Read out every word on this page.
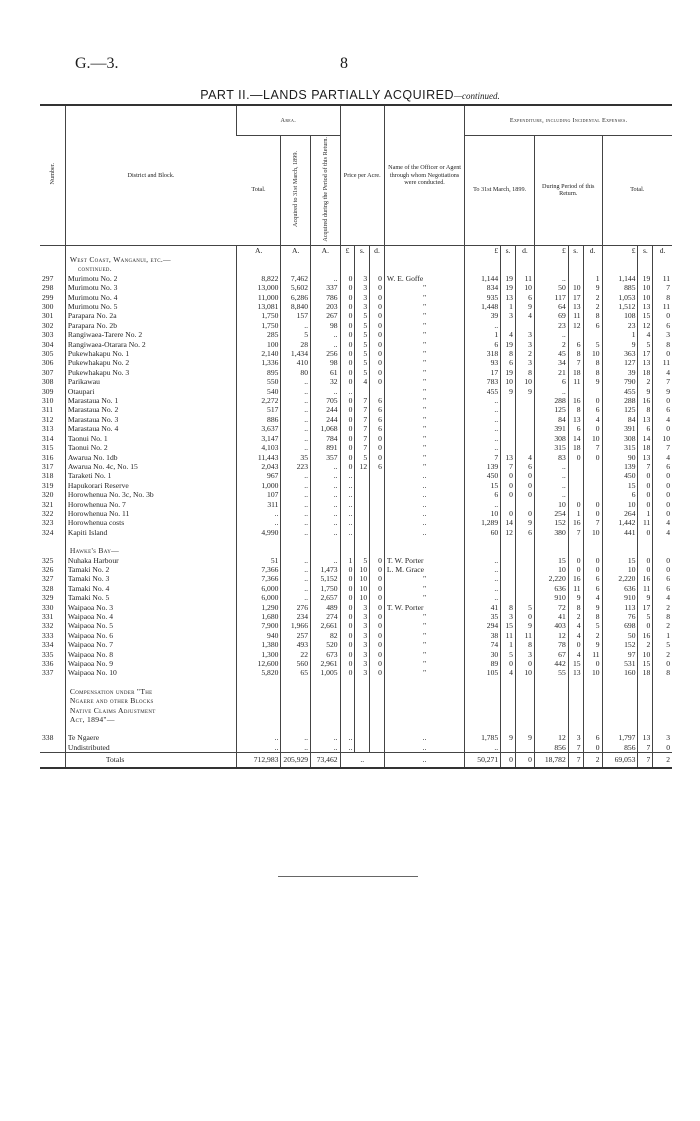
G.—3.	8
PART II.—LANDS PARTIALLY ACQUIRED—continued.
Number.	District and Block.	Area.			Price per Acre.			Name of the Officer or Agent through whom Negotiations were conducted.	Expenditure, including Incidental Expenses.								
		Total.	Acquired to 31st March, 1899.	Acquired during the Period of this Return.					To 31st March, 1899.			During Period of this Return.			Total.		
		A.	A.	A.	£	s.	d.		£	s.	d.	£	s.	d.	£	s.	d.
	West Coast, Wanganui, etc.—																
	continued.																
297	Murimotu No. 2	8,822	7,462	..	0	3	0	W. E. Goffe	1,144	19	11	..		1	1,144	19	11
298	Murimotu No. 3	13,000	5,602	337	0	3	0	"	834	19	10	50	10	9	885	10	7
299	Murimotu No. 4	11,000	6,286	786	0	3	0	"	935	13	6	117	17	2	1,053	10	8
300	Murimotu No. 5	13,081	8,840	203	0	3	0	"	1,448	1	9	64	13	2	1,512	13	11
301	Parapara No. 2a	1,750	157	267	0	5	0	"	39	3	4	69	11	8	108	15	0
302	Parapara No. 2b	1,750	..	98	0	5	0	"	..			23	12	6	23	12	6
303	Rangiwaea-Tarere No. 2	285	5	..	0	5	0	"	1	4	3	..			1	4	3
304	Rangiwaea-Otarara No. 2	100	28	..	0	5	0	"	6	19	3	2	6	5	9	5	8
305	Pukewhakapu No. 1	2,140	1,434	256	0	5	0	"	318	8	2	45	8	10	363	17	0
306	Pukewhakapu No. 2	1,336	410	98	0	5	0	"	93	6	3	34	7	8	127	13	11
307	Pukewhakapu No. 3	895	80	61	0	5	0	"	17	19	8	21	18	8	39	18	4
308	Parikawau	550	..	32	0	4	0	"	783	10	10	6	11	9	790	2	7
309	Otaupari	540	..	..	..			"	455	9	9	..			455	9	9
310	Marastaua No. 1	2,272	..	705	0	7	6	"	..			288	16	0	288	16	0
311	Marastaua No. 2	517	..	244	0	7	6	"	..			125	8	6	125	8	6
312	Marastaua No. 3	886	..	244	0	7	6	"	..			84	13	4	84	13	4
313	Marastaua No. 4	3,637	..	1,068	0	7	6	"	..			391	6	0	391	6	0
314	Taonui No. 1	3,147	..	784	0	7	0	"	..			308	14	10	308	14	10
315	Taonui No. 2	4,103	..	891	0	7	0	"	..			315	18	7	315	18	7
316	Awarua No. 1db	11,443	35	357	0	5	0	"	7	13	4	83	0	0	90	13	4
317	Awarua No. 4c, No. 15	2,043	223	..	0	12	6	"	139	7	6	..			139	7	6
318	Taraketi No. 1	967	..	..	..			..	450	0	0	..			450	0	0
319	Hapukorari Reserve	1,000	..	..	..			..	15	0	0	..			15	0	0
320	Horowhenua No. 3c, No. 3b	107	..	..	..			..	6	0	0	..			6	0	0
321	Horowhenua No. 7	311	..	..	..			..	..			10	0	0	10	0	0
322	Horowhenua No. 11	..	..	..	..			..	10	0	0	254	1	0	264	1	0
323	Horowhenua costs	..	..	..	..			..	1,289	14	9	152	16	7	1,442	11	4
324	Kapiti Island	4,990	..	..	..			..	60	12	6	380	7	10	441	0	4

	Hawke's Bay—																
325	Nuhaka Harbour	51	..	..	1	5	0	T. W. Porter	..			15	0	0	15	0	0
326	Tamaki No. 2	7,366	..	1,473	0	10	0	L. M. Grace	..			10	0	0	10	0	0
327	Tamaki No. 3	7,366	..	5,152	0	10	0	"	..			2,220	16	6	2,220	16	6
328	Tamaki No. 4	6,000	..	1,750	0	10	0	"	..			636	11	6	636	11	6
329	Tamaki No. 5	6,000	..	2,657	0	10	0	"	..			910	9	4	910	9	4
330	Waipaoa No. 3	1,290	276	489	0	3	0	T. W. Porter	41	8	5	72	8	9	113	17	2
331	Waipaoa No. 4	1,680	234	274	0	3	0	"	35	3	0	41	2	8	76	5	8
332	Waipaoa No. 5	7,900	1,966	2,661	0	3	0	"	294	15	9	403	4	5	698	0	2
333	Waipaoa No. 6	940	257	82	0	3	0	"	38	11	11	12	4	2	50	16	1
334	Waipaoa No. 7	1,380	493	520	0	3	0	"	74	1	8	78	0	9	152	2	5
335	Waipaoa No. 8	1,300	22	673	0	3	0	"	30	5	3	67	4	11	97	10	2
336	Waipaoa No. 9	12,600	560	2,961	0	3	0	"	89	0	0	442	15	0	531	15	0
337	Waipaoa No. 10	5,820	65	1,005	0	3	0	"	105	4	10	55	13	10	160	18	8

	Compensation under "The																
	Ngaere and other Blocks																
	Native Claims Adjustment																
	Act, 1894"—																

338	Te Ngaere	..	..	..	..			..	1,785	9	9	12	3	6	1,797	13	3
	Undistributed	..	..	..	..			..	..			856	7	0	856	7	0
	Totals	712,983	205,929	73,462	..			..	50,271	0	0	18,782	7	2	69,053	7	2
